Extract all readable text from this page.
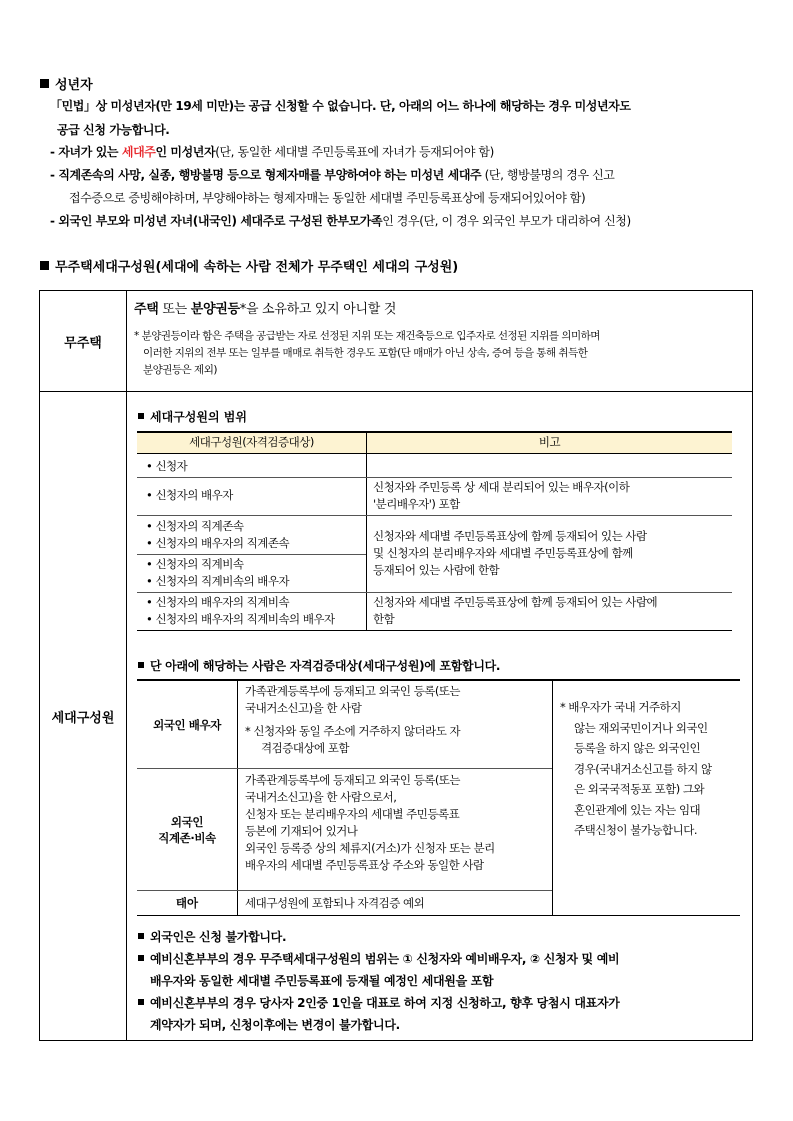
성년자
「민법」상 미성년자(만 19세 미만)는 공급 신청할 수 없습니다. 단, 아래의 어느 하나에 해당하는 경우 미성년자도
공급 신청 가능합니다.
- 자녀가 있는 세대주인 미성년자(단, 동일한 세대별 주민등록표에 자녀가 등재되어야 함)
- 직계존속의 사망, 실종, 행방불명 등으로 형제자매를 부양하여야 하는 미성년 세대주 (단, 행방불명의 경우 신고
접수증으로 증빙해야하며, 부양해야하는 형제자매는 동일한 세대별 주민등록표상에 등재되어있어야 함)
- 외국인 부모와 미성년 자녀(내국인) 세대주로 구성된 한부모가족인 경우(단, 이 경우 외국인 부모가 대리하여 신청)
무주택세대구성원(세대에 속하는 사람 전체가 무주택인 세대의 구성원)
무주택
주택 또는 분양권등*을 소유하고 있지 아니할 것
* 분양권등이라 함은 주택을 공급받는 자로 선정된 지위 또는 재건축등으로 입주자로 선정된 지위를 의미하며
이러한 지위의 전부 또는 일부를 매매로 취득한 경우도 포함(단 매매가 아닌 상속, 증여 등을 통해 취득한
분양권등은 제외)
세대구성원
세대구성원의 범위
세대구성원(자격검증대상)	비고
• 신청자
• 신청자의 배우자
신청자와 주민등록 상 세대 분리되어 있는 배우자(이하
'분리배우자') 포함
• 신청자의 직계존속
• 신청자의 배우자의 직계존속
• 신청자의 직계비속
• 신청자의 직계비속의 배우자
신청자와 세대별 주민등록표상에 함께 등재되어 있는 사람
및 신청자의 분리배우자와 세대별 주민등록표상에 함께
등재되어 있는 사람에 한함
• 신청자의 배우자의 직계비속
• 신청자의 배우자의 직계비속의 배우자
신청자와 세대별 주민등록표상에 함께 등재되어 있는 사람에
한함
단 아래에 해당하는 사람은 자격검증대상(세대구성원)에 포함합니다.
외국인 배우자
가족관계등록부에 등재되고 외국인 등록(또는
국내거소신고)을 한 사람
* 신청자와 동일 주소에 거주하지 않더라도 자
격검증대상에 포함
외국인
직계존·비속
가족관계등록부에 등재되고 외국인 등록(또는
국내거소신고)을 한 사람으로서,
신청자 또는 분리배우자의 세대별 주민등록표
등본에 기재되어 있거나
외국인 등록증 상의 체류지(거소)가 신청자 또는 분리
배우자의 세대별 주민등록표상 주소와 동일한 사람
태아	세대구성원에 포함되나 자격검증 예외
* 배우자가 국내 거주하지
않는 재외국민이거나 외국인
등록을 하지 않은 외국인인
경우(국내거소신고를 하지 않
은 외국국적동포 포함) 그와
혼인관계에 있는 자는 임대
주택신청이 불가능합니다.
외국인은 신청 불가합니다.
예비신혼부부의 경우 무주택세대구성원의 범위는 ① 신청자와 예비배우자, ② 신청자 및 예비
배우자와 동일한 세대별 주민등록표에 등재될 예정인 세대원을 포함
예비신혼부부의 경우 당사자 2인중 1인을 대표로 하여 지정 신청하고, 향후 당첨시 대표자가
계약자가 되며, 신청이후에는 변경이 불가합니다.
